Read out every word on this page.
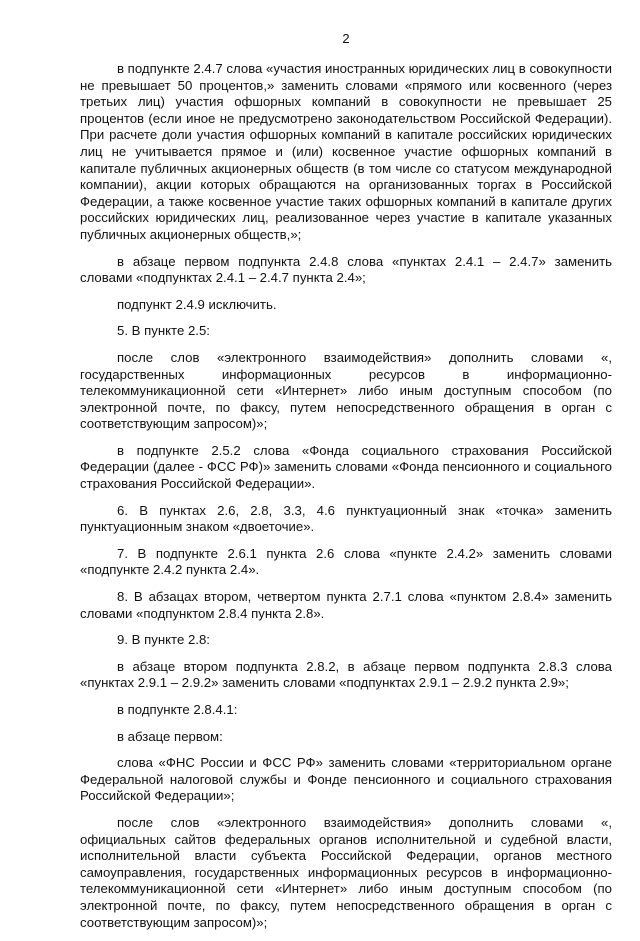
2

в подпункте 2.4.7 слова «участия иностранных юридических лиц в совокупности не превышает 50 процентов,» заменить словами «прямого или косвенного (через третьих лиц) участия офшорных компаний в совокупности не превышает 25 процентов (если иное не предусмотрено законодательством Российской Федерации). При расчете доли участия офшорных компаний в капитале российских юридических лиц не учитывается прямое и (или) косвенное участие офшорных компаний в капитале публичных акционерных обществ (в том числе со статусом международной компании), акции которых обращаются на организованных торгах в Российской Федерации, а также косвенное участие таких офшорных компаний в капитале других российских юридических лиц, реализованное через участие в капитале указанных публичных акционерных обществ,»;

в абзаце первом подпункта 2.4.8 слова «пунктах 2.4.1 – 2.4.7» заменить словами «подпунктах 2.4.1 – 2.4.7 пункта 2.4»;

подпункт 2.4.9 исключить.

5. В пункте 2.5:

после слов «электронного взаимодействия» дополнить словами «, государственных информационных ресурсов в информационно-телекоммуникационной сети «Интернет» либо иным доступным способом (по электронной почте, по факсу, путем непосредственного обращения в орган с соответствующим запросом)»;

в подпункте 2.5.2 слова «Фонда социального страхования Российской Федерации (далее - ФСС РФ)» заменить словами «Фонда пенсионного и социального страхования Российской Федерации».

6. В пунктах 2.6, 2.8, 3.3, 4.6 пунктуационный знак «точка» заменить пунктуационным знаком «двоеточие».

7. В подпункте 2.6.1 пункта 2.6 слова «пункте 2.4.2» заменить словами «подпункте 2.4.2 пункта 2.4».

8. В абзацах втором, четвертом пункта 2.7.1 слова «пунктом 2.8.4» заменить словами «подпунктом 2.8.4 пункта 2.8».

9. В пункте 2.8:

в абзаце втором подпункта 2.8.2, в абзаце первом подпункта 2.8.3 слова «пунктах 2.9.1 – 2.9.2» заменить словами «подпунктах 2.9.1 – 2.9.2 пункта 2.9»;

в подпункте 2.8.4.1:

в абзаце первом:

слова «ФНС России и ФСС РФ» заменить словами «территориальном органе Федеральной налоговой службы и Фонде пенсионного и социального страхования Российской Федерации»;

после слов «электронного взаимодействия» дополнить словами «, официальных сайтов федеральных органов исполнительной и судебной власти, исполнительной власти субъекта Российской Федерации, органов местного самоуправления, государственных информационных ресурсов в информационно-телекоммуникационной сети «Интернет» либо иным доступным способом (по электронной почте, по факсу, путем непосредственного обращения в орган с соответствующим запросом)»;
